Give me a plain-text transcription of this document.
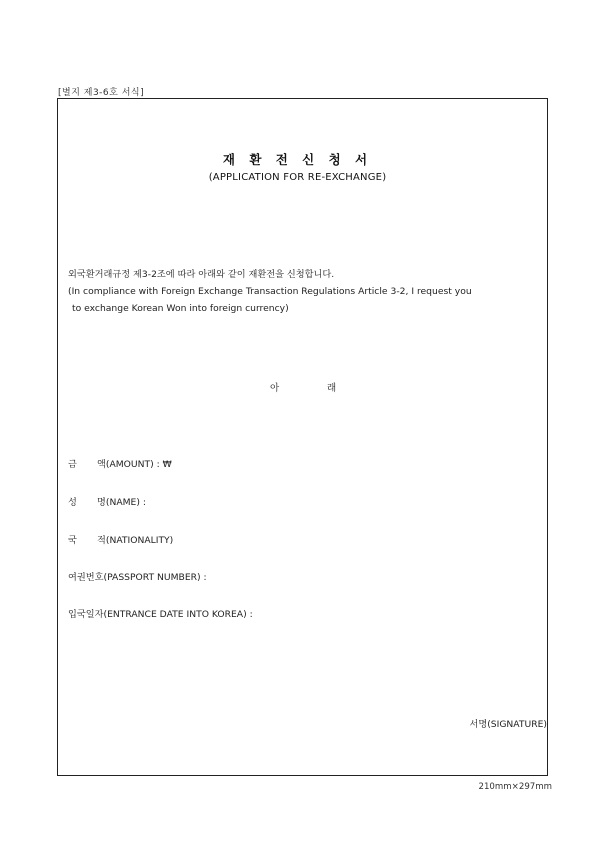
[별지 제3-6호 서식]
재 환 전 신 청 서
(APPLICATION FOR RE-EXCHANGE)
외국환거래규정 제3-2조에 따라 아래와 같이 재환전을 신청합니다.
(In compliance with Foreign Exchange Transaction Regulations Article 3-2, I request you
to exchange Korean Won into foreign currency)
아	래
금 액(AMOUNT) : ₩
성 명(NAME) :
국 적(NATIONALITY)
여권번호(PASSPORT NUMBER) :
입국일자(ENTRANCE DATE INTO KOREA) :
서명(SIGNATURE)
210mm×297mm
